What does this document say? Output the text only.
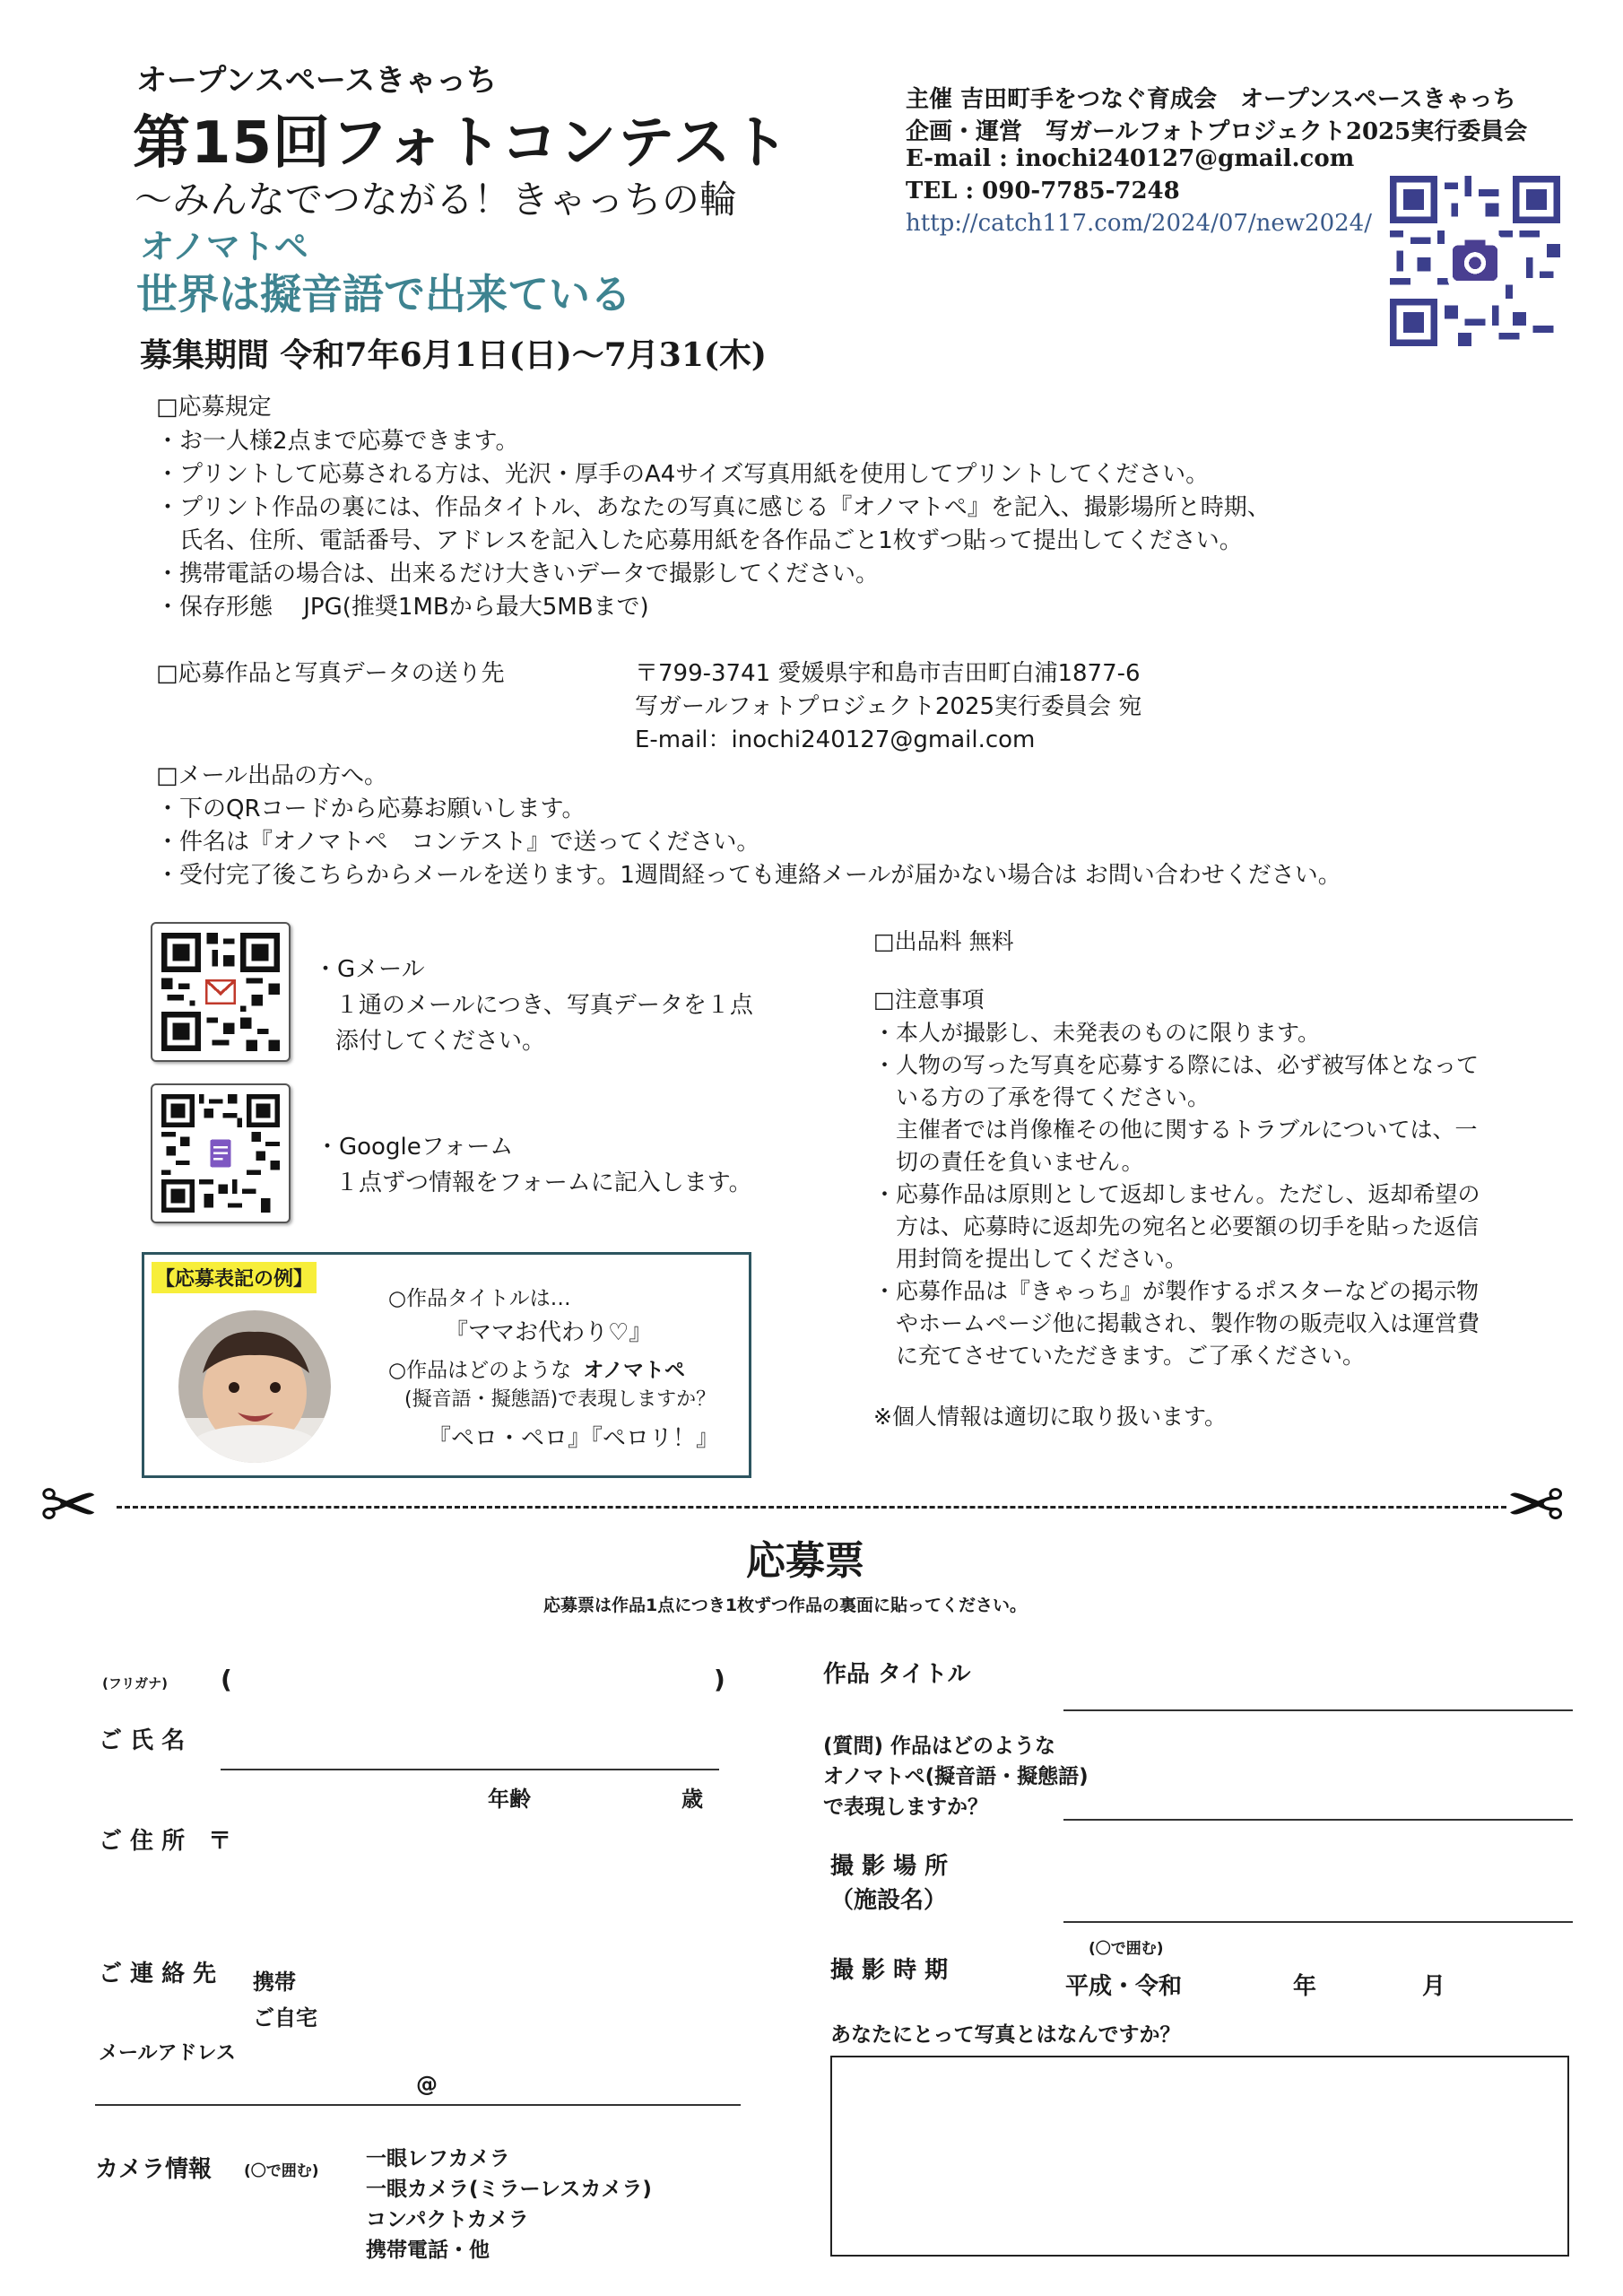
オープンスペースきゃっち
第15回フォトコンテスト
〜みんなでつながる！きゃっちの輪
オノマトペ
世界は擬音語で出来ている
募集期間 令和7年6月1日(日)〜7月31(木)
主催 吉田町手をつなぐ育成会　オープンスペースきゃっち
企画・運営　写ガールフォトプロジェクト2025実行委員会
E-mail : inochi240127@gmail.com
TEL : 090-7785-7248
http://catch117.com/2024/07/new2024/
□応募規定
・お一人様2点まで応募できます。
・プリントして応募される方は、光沢・厚手のA4サイズ写真用紙を使用してプリントしてください。
・プリント作品の裏には、作品タイトル、あなたの写真に感じる『オノマトペ』を記入、撮影場所と時期、
　氏名、住所、電話番号、アドレスを記入した応募用紙を各作品ごと1枚ずつ貼って提出してください。
・携帯電話の場合は、出来るだけ大きいデータで撮影してください。
・保存形態　 JPG(推奨1MBから最大5MBまで)
□応募作品と写真データの送り先	〒799-3741 愛媛県宇和島市吉田町白浦1877-6
写ガールフォトプロジェクト2025実行委員会 宛
E-mail：inochi240127@gmail.com
□メール出品の方へ。
・下のQRコードから応募お願いします。
・件名は『オノマトペ　コンテスト』で送ってください。
・受付完了後こちらからメールを送ります。1週間経っても連絡メールが届かない場合は お問い合わせください。
・Gメール
１通のメールにつき、写真データを１点
添付してください。
・Googleフォーム
１点ずつ情報をフォームに記入します。
【応募表記の例】
○作品タイトルは…
『ママお代わり♡』
○作品はどのような オノマトペ
(擬音語・擬態語)で表現しますか？
『ペロ・ペロ』『ペロリ！』
□出品料 無料
□注意事項
・本人が撮影し、未発表のものに限ります。
・人物の写った写真を応募する際には、必ず被写体となって
　いる方の了承を得てください。
　主催者では肖像権その他に関するトラブルについては、一
　切の責任を負いません。
・応募作品は原則として返却しません。ただし、返却希望の
　方は、応募時に返却先の宛名と必要額の切手を貼った返信
　用封筒を提出してください。
・応募作品は『きゃっち』が製作するポスターなどの掲示物
　やホームページ他に掲載され、製作物の販売収入は運営費
　に充てさせていただきます。ご了承ください。
※個人情報は適切に取り扱います。
✂	✂
応募票
応募票は作品1点につき1枚ずつ作品の裏面に貼ってください。
(フリガナ) (	)
ご 氏 名
年齢	歳
ご 住 所　〒
ご 連 絡 先 携帯
ご自宅
メールアドレス
@
カメラ情報 (〇で囲む)
一眼レフカメラ
一眼カメラ(ミラーレスカメラ)
コンパクトカメラ
携帯電話・他
作品 タイトル
(質問) 作品はどのような
オノマトペ(擬音語・擬態語)
で表現しますか？
撮 影 場 所
（施設名）
撮 影 時 期
(〇で囲む)
平成・令和	年	月
あなたにとって写真とはなんですか？
